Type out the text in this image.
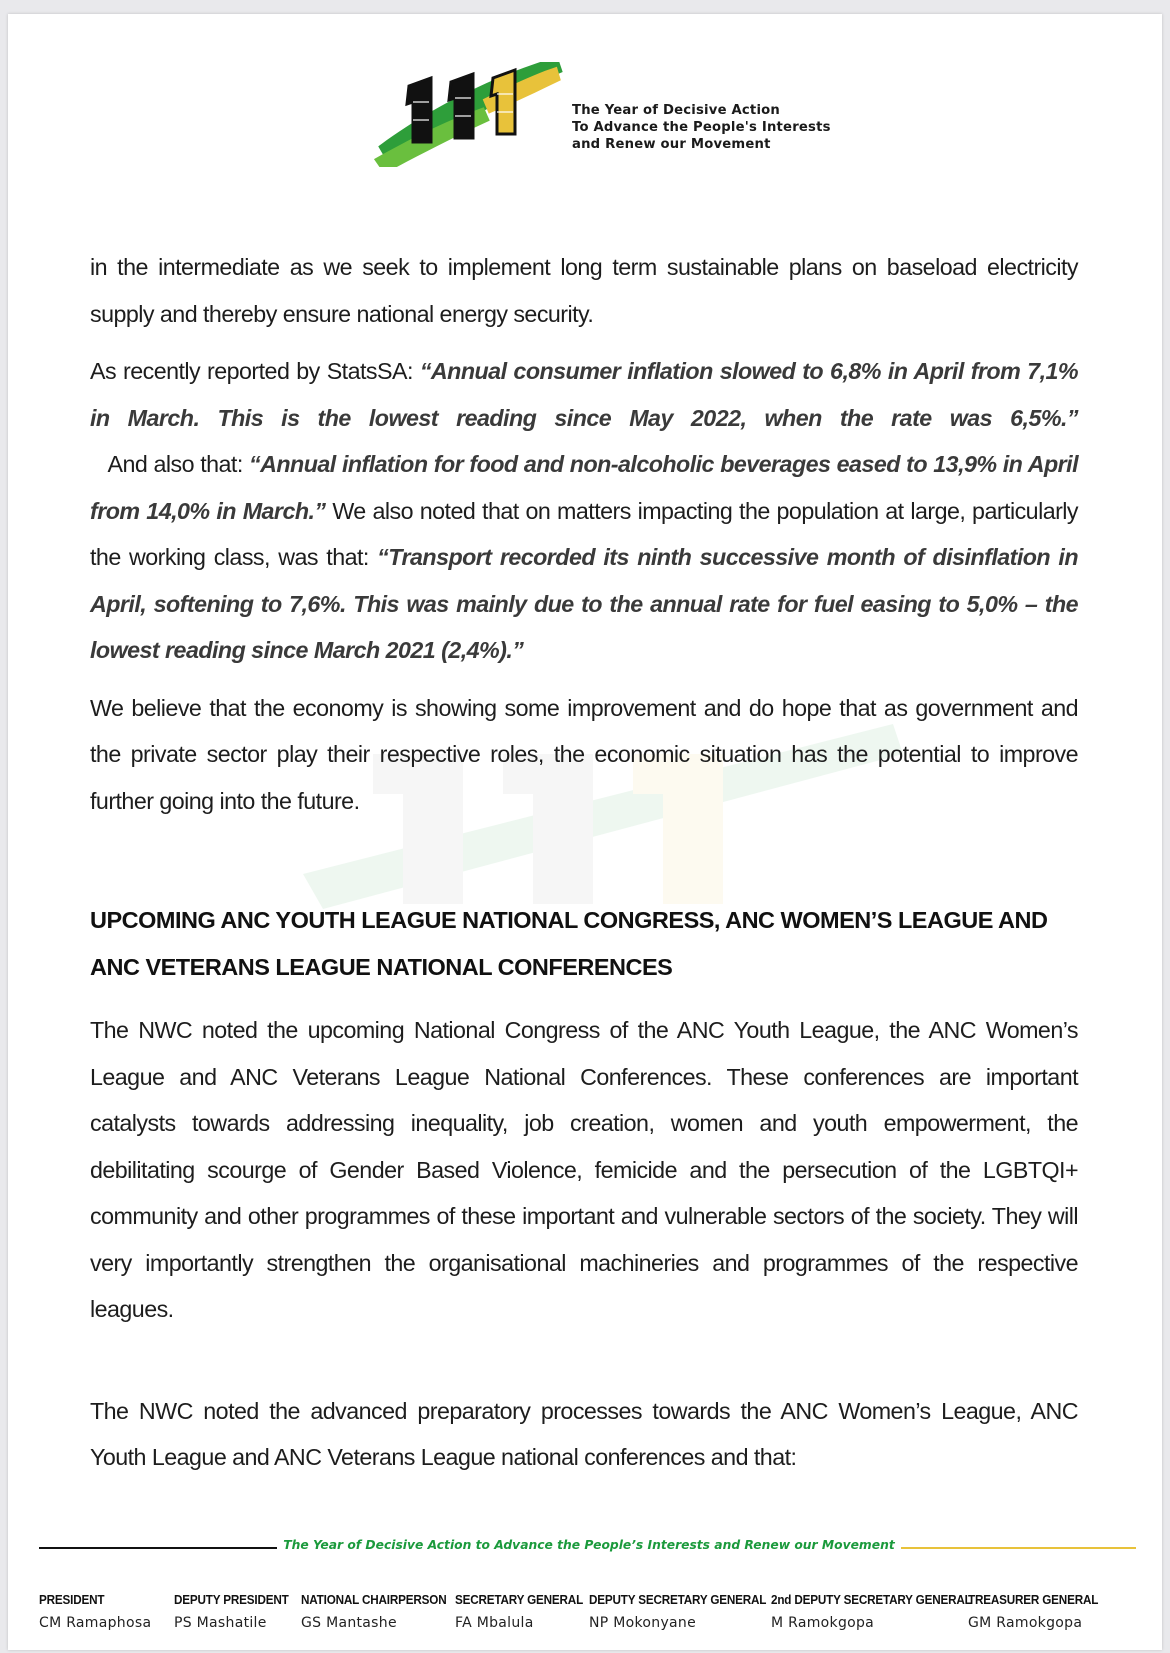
th
The Year of Decisive Action
To Advance the People's Interests
and Renew our Movement

in the intermediate as we seek to implement long term sustainable plans on baseload electricity supply and thereby ensure national energy security.

As recently reported by StatsSA: “Annual consumer inflation slowed to 6,8% in April from 7,1% in March. This is the lowest reading since May 2022, when the rate was 6,5%.”   And also that: “Annual inflation for food and non-alcoholic beverages eased to 13,9% in April from 14,0% in March.” We also noted that on matters impacting the population at large, particularly the working class, was that: “Transport recorded its ninth successive month of disinflation in April, softening to 7,6%. This was mainly due to the annual rate for fuel easing to 5,0% – the lowest reading since March 2021 (2,4%).”

We believe that the economy is showing some improvement and do hope that as government and the private sector play their respective roles, the economic situation has the potential to improve further going into the future.

UPCOMING ANC YOUTH LEAGUE NATIONAL CONGRESS, ANC WOMEN’S LEAGUE AND ANC VETERANS LEAGUE NATIONAL CONFERENCES

The NWC noted the upcoming National Congress of the ANC Youth League, the ANC Women’s League and ANC Veterans League National Conferences. These conferences are important catalysts towards addressing inequality, job creation, women and youth empowerment, the debilitating scourge of Gender Based Violence, femicide and the persecution of the LGBTQI+ community and other programmes of these important and vulnerable sectors of the society. They will very importantly strengthen the organisational machineries and programmes of the respective leagues.

The NWC noted the advanced preparatory processes towards the ANC Women’s League, ANC Youth League and ANC Veterans League national conferences and that:

The Year of Decisive Action to Advance the People’s Interests and Renew our Movement
PRESIDENT
CM Ramaphosa
DEPUTY PRESIDENT
PS Mashatile
NATIONAL CHAIRPERSON
GS Mantashe
SECRETARY GENERAL
FA Mbalula
DEPUTY SECRETARY GENERAL
NP Mokonyane
2nd DEPUTY SECRETARY GENERAL
M Ramokgopa
TREASURER GENERAL
GM Ramokgopa
